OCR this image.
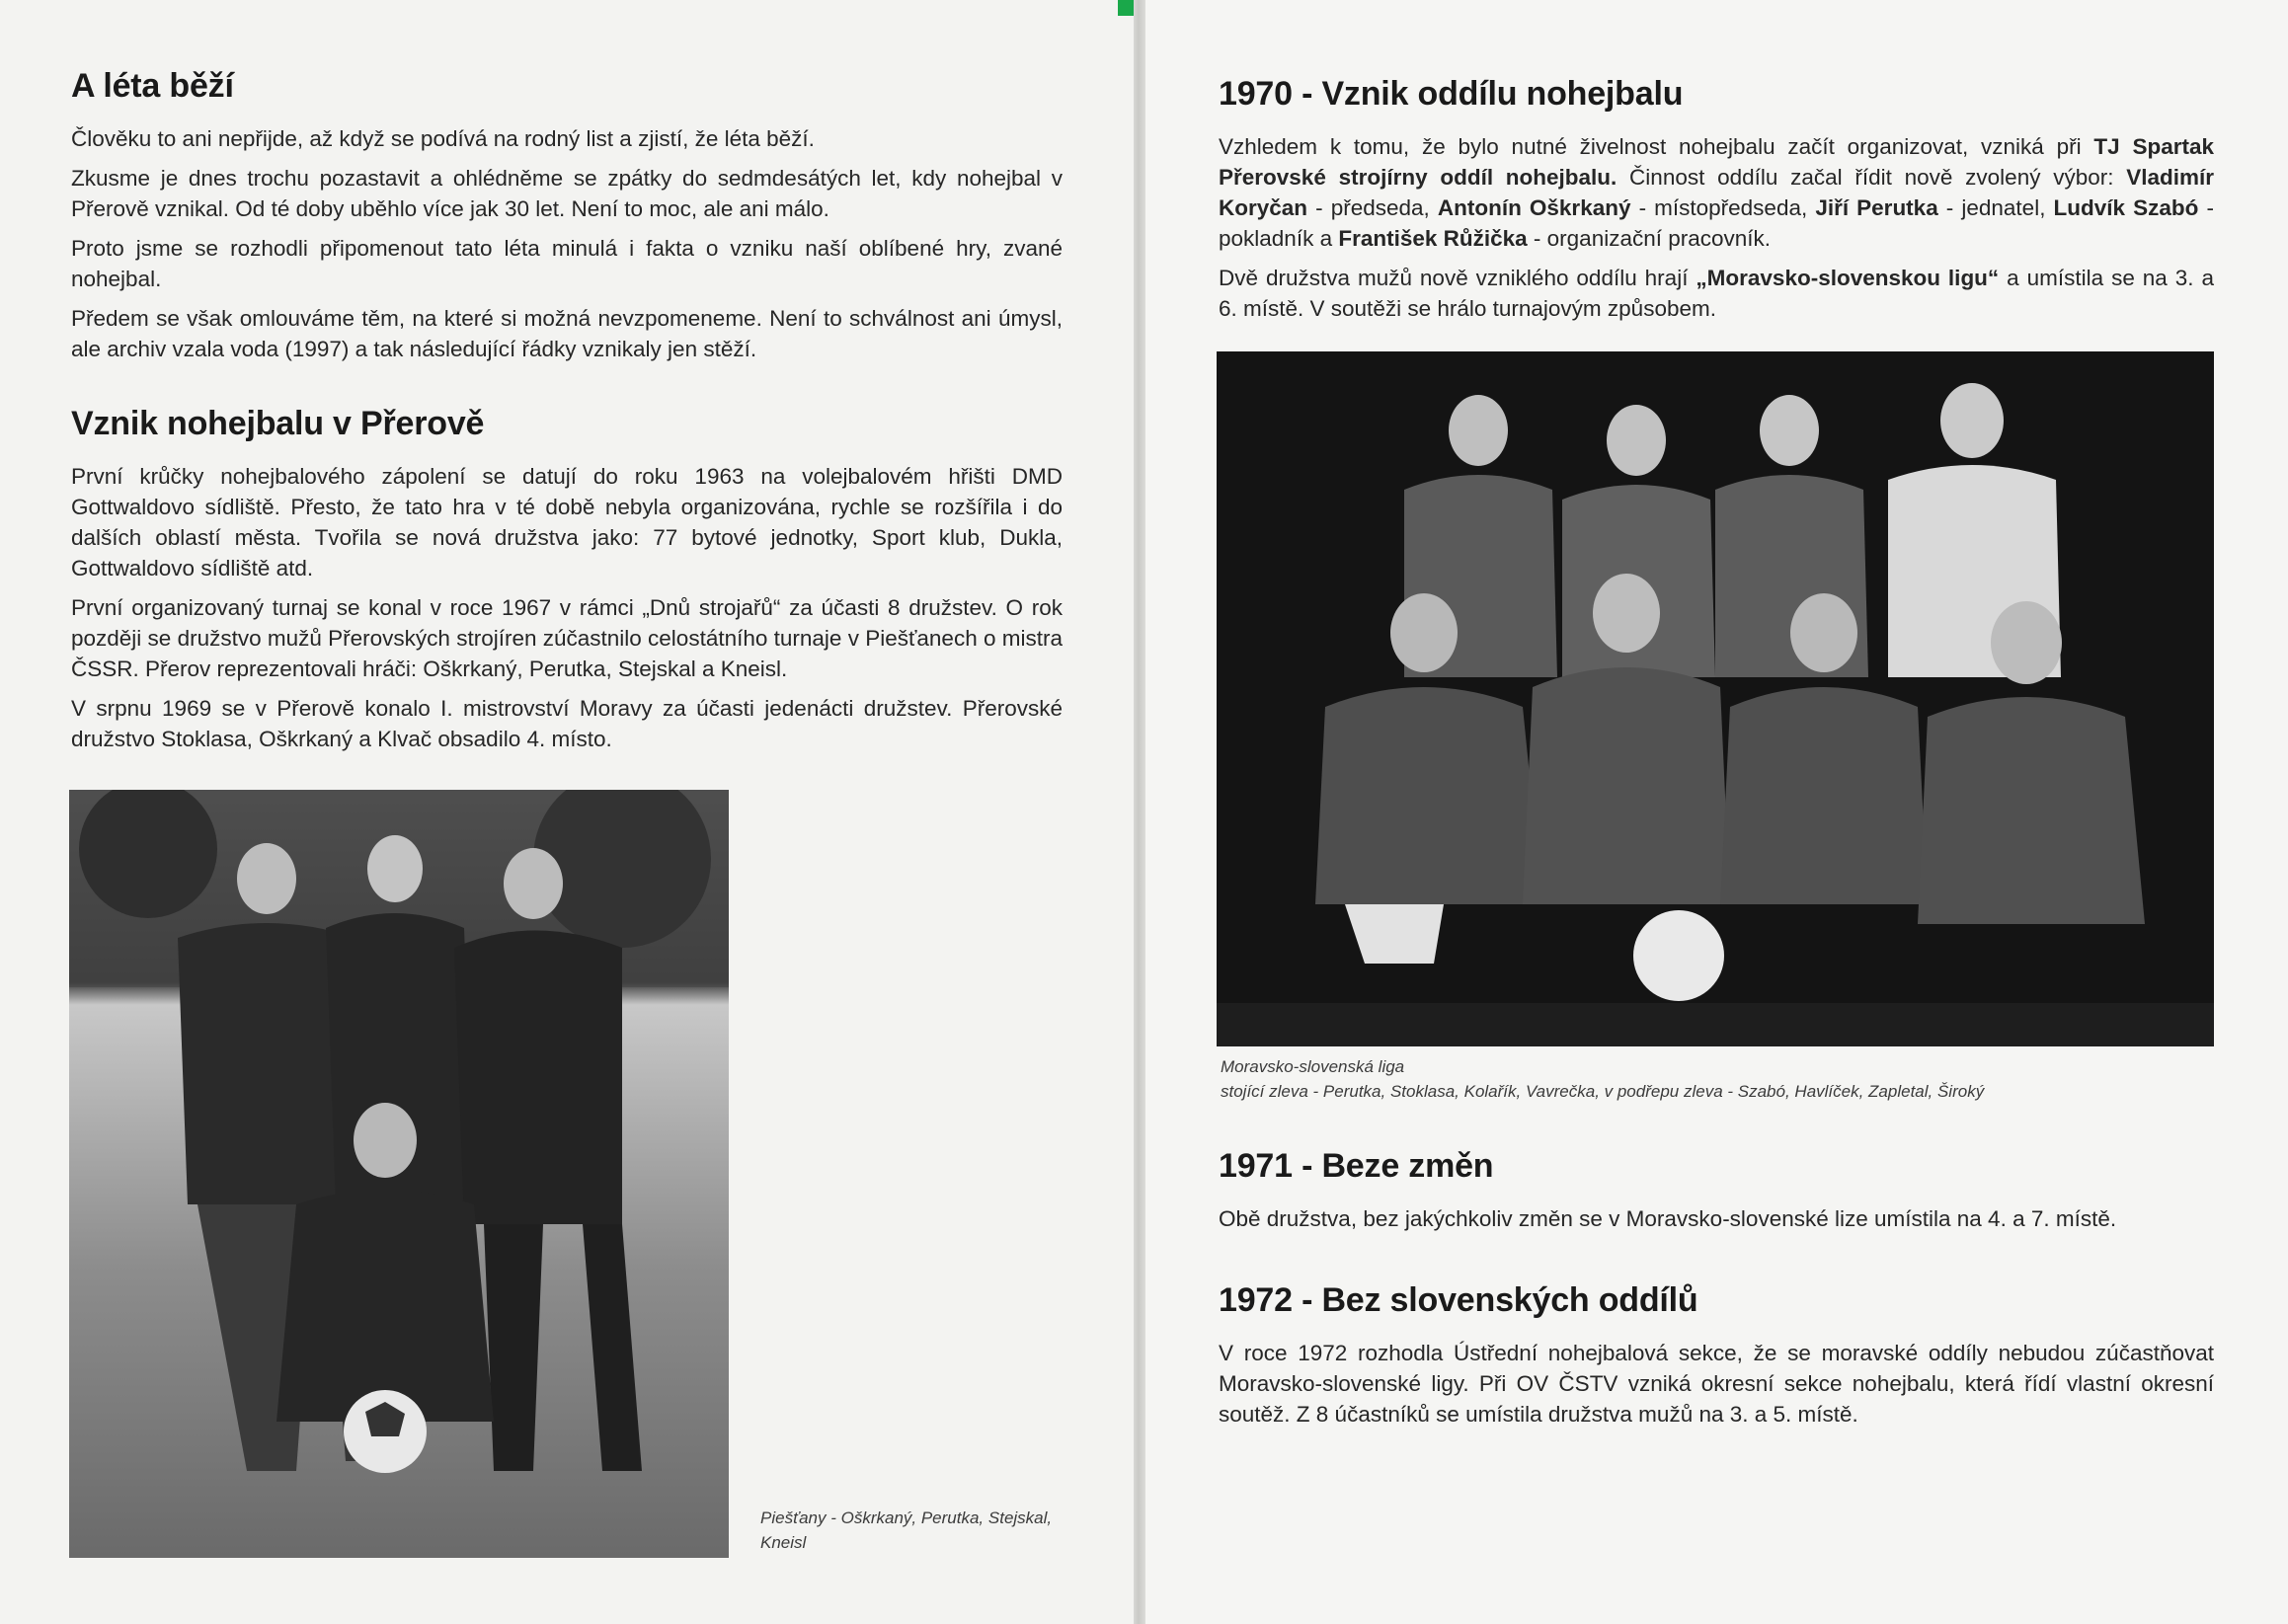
A léta běží

Člověku to ani nepřijde, až když se podívá na rodný list a zjistí, že léta běží.

Zkusme je dnes trochu pozastavit a ohlédněme se zpátky do sedmdesátých let, kdy nohejbal v Přerově vznikal. Od té doby uběhlo více jak 30 let. Není to moc, ale ani málo.

Proto jsme se rozhodli připomenout tato léta minulá i fakta o vzniku naší oblíbené hry, zvané nohejbal.

Předem se však omlouváme těm, na které si možná nevzpomeneme. Není to schválnost ani úmysl, ale archiv vzala voda (1997) a tak následující řádky vznikaly jen stěží.

Vznik nohejbalu v Přerově

První krůčky nohejbalového zápolení se datují do roku 1963 na volejbalovém hřišti DMD Gottwaldovo sídliště. Přesto, že tato hra v té době nebyla organizována, rychle se rozšířila i do dalších oblastí města. Tvořila se nová družstva jako: 77 bytové jednotky, Sport klub, Dukla, Gottwaldovo sídliště atd.

První organizovaný turnaj se konal v roce 1967 v rámci „Dnů strojařů“ za účasti 8 družstev. O rok později se družstvo mužů Přerovských strojíren zúčastnilo celostátního turnaje v Piešťanech o mistra ČSSR. Přerov reprezentovali hráči: Oškrkaný, Perutka, Stejskal a Kneisl.

V srpnu 1969 se v Přerově konalo I. mistrovství Moravy za účasti jedenácti družstev. Přerovské družstvo Stoklasa, Oškrkaný a Klvač obsadilo 4. místo.

Piešťany - Oškrkaný, Perutka, Stejskal, Kneisl
1970 - Vznik oddílu nohejbalu

Vzhledem k tomu, že bylo nutné živelnost nohejbalu začít organizovat, vzniká při TJ Spartak Přerovské strojírny oddíl nohejbalu. Činnost oddílu začal řídit nově zvolený výbor: Vladimír Koryčan - předseda, Antonín Oškrkaný - místopředseda, Jiří Perutka - jednatel, Ludvík Szabó - pokladník a František Růžička - organizační pracovník.

Dvě družstva mužů nově vzniklého oddílu hrají „Moravsko-slovenskou ligu“ a umístila se na 3. a 6. místě. V soutěži se hrálo turnajovým způsobem.

Moravsko-slovenská liga
stojící zleva - Perutka, Stoklasa, Kolařík, Vavrečka, v podřepu zleva - Szabó, Havlíček, Zapletal, Široký
1971 - Beze změn

Obě družstva, bez jakýchkoliv změn se v Moravsko-slovenské lize umístila na 4. a 7. místě.

1972 - Bez slovenských oddílů

V roce 1972 rozhodla Ústřední nohejbalová sekce, že se moravské oddíly nebudou zúčastňovat Moravsko-slovenské ligy. Při OV ČSTV vzniká okresní sekce nohejbalu, která řídí vlastní okresní soutěž. Z 8 účastníků se umístila družstva mužů na 3. a 5. místě.
